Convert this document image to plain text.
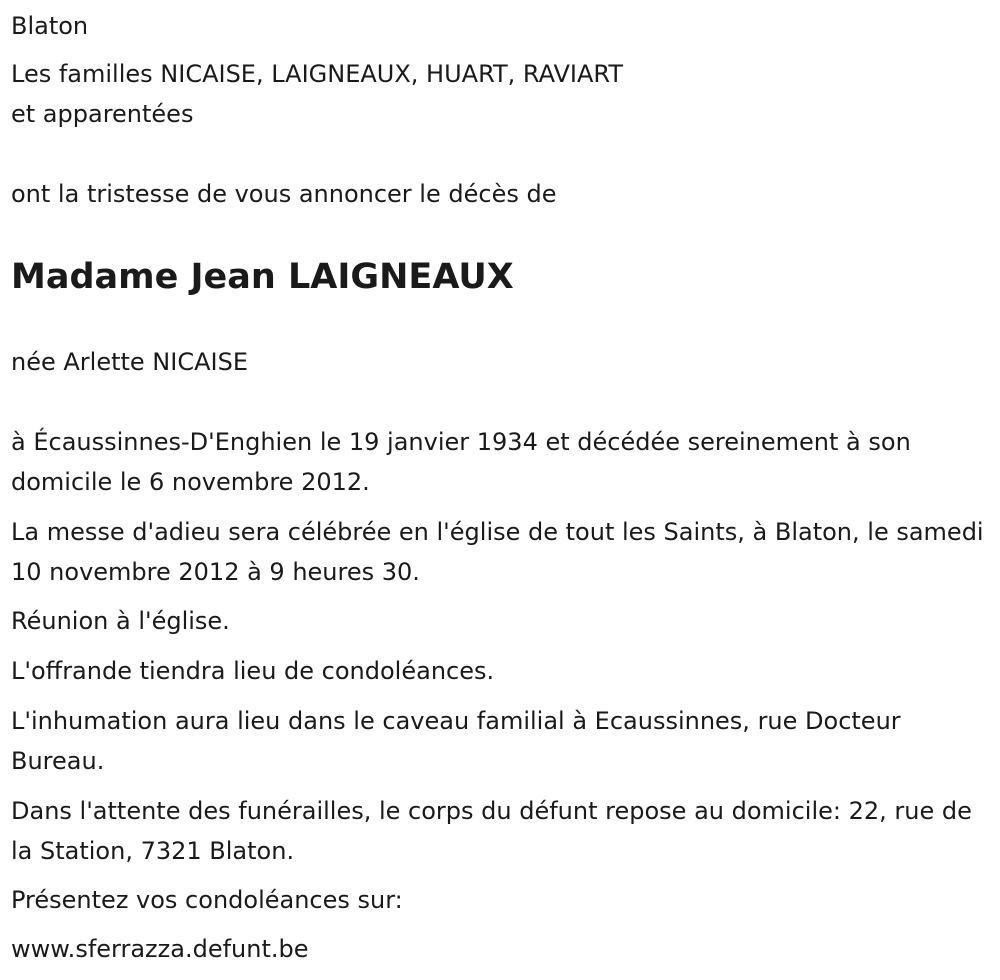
Blaton
Les familles NICAISE, LAIGNEAUX, HUART, RAVIART
et apparentées
ont la tristesse de vous annoncer le décès de
Madame Jean LAIGNEAUX
née Arlette NICAISE
à Écaussinnes-D'Enghien le 19 janvier 1934 et décédée sereinement à son domicile le 6 novembre 2012.
La messe d'adieu sera célébrée en l'église de tout les Saints, à Blaton, le samedi 10 novembre 2012 à 9 heures 30.
Réunion à l'église.
L'offrande tiendra lieu de condoléances.
L'inhumation aura lieu dans le caveau familial à Ecaussinnes, rue Docteur Bureau.
Dans l'attente des funérailles, le corps du défunt repose au domicile: 22, rue de la Station, 7321 Blaton.
Présentez vos condoléances sur:
www.sferrazza.defunt.be
